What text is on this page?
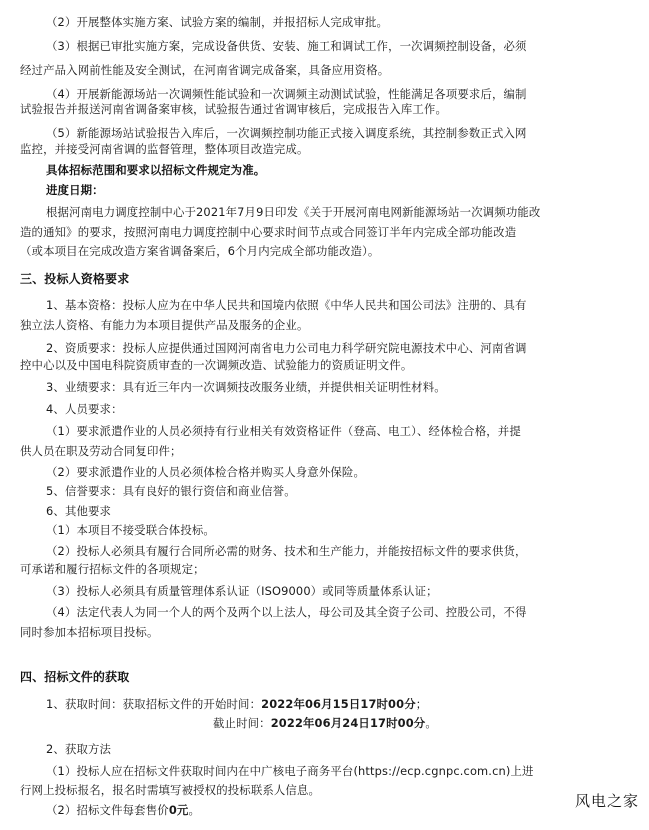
（2）开展整体实施方案、试验方案的编制，并报招标人完成审批。
（3）根据已审批实施方案，完成设备供货、安装、施工和调试工作，一次调频控制设备，必须
经过产品入网前性能及安全测试，在河南省调完成备案，具备应用资格。
（4）开展新能源场站一次调频性能试验和一次调频主动测试试验，性能满足各项要求后，编制
试验报告并报送河南省调备案审核，试验报告通过省调审核后，完成报告入库工作。
（5）新能源场站试验报告入库后，一次调频控制功能正式接入调度系统，其控制参数正式入网
监控，并接受河南省调的监督管理，整体项目改造完成。
具体招标范围和要求以招标文件规定为准。
进度日期：
根据河南电力调度控制中心于2021年7月9日印发《关于开展河南电网新能源场站一次调频功能改
造的通知》的要求，按照河南电力调度控制中心要求时间节点或合同签订半年内完成全部功能改造
（或本项目在完成改造方案省调备案后，6个月内完成全部功能改造）。
三、投标人资格要求
1、基本资格：投标人应为在中华人民共和国境内依照《中华人民共和国公司法》注册的、具有
独立法人资格、有能力为本项目提供产品及服务的企业。
2、资质要求：投标人应提供通过国网河南省电力公司电力科学研究院电源技术中心、河南省调
控中心以及中国电科院资质审查的一次调频改造、试验能力的资质证明文件。
3、业绩要求：具有近三年内一次调频技改服务业绩，并提供相关证明性材料。
4、人员要求：
（1）要求派遣作业的人员必须持有行业相关有效资格证件（登高、电工）、经体检合格，并提
供人员在职及劳动合同复印件；
（2）要求派遣作业的人员必须体检合格并购买人身意外保险。
5、信誉要求：具有良好的银行资信和商业信誉。
6、其他要求
（1）本项目不接受联合体投标。
（2）投标人必须具有履行合同所必需的财务、技术和生产能力，并能按招标文件的要求供货，
可承诺和履行招标文件的各项规定；
（3）投标人必须具有质量管理体系认证（ISO9000）或同等质量体系认证；
（4）法定代表人为同一个人的两个及两个以上法人，母公司及其全资子公司、控股公司，不得
同时参加本招标项目投标。
四、招标文件的获取
1、获取时间：获取招标文件的开始时间：2022年06月15日17时00分；
截止时间：2022年06月24日17时00分。
2、获取方法
（1）投标人应在招标文件获取时间内在中广核电子商务平台(https://ecp.cgnpc.com.cn)上进
行网上投标报名，报名时需填写被授权的投标联系人信息。
（2）招标文件每套售价0元。	风电之家
